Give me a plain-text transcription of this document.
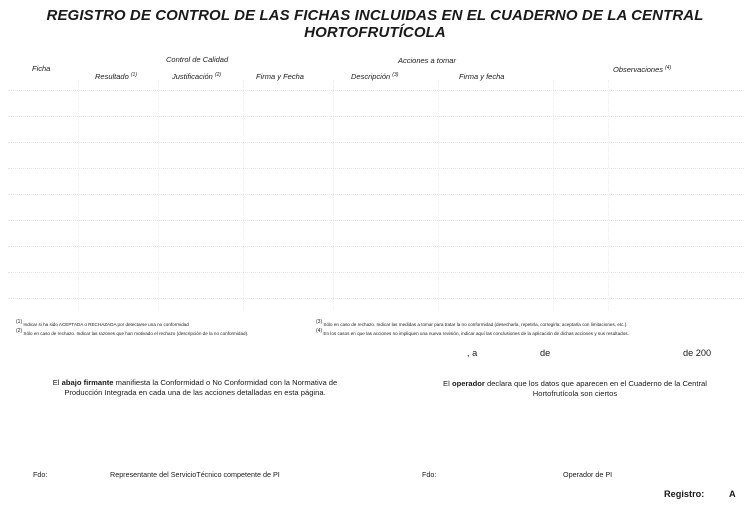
REGISTRO DE CONTROL DE LAS FICHAS INCLUIDAS EN EL CUADERNO DE LA CENTRAL
HORTOFRUTÍCOLA
Ficha
Control de Calidad	Acciones a tomar
Resultado $^{(1)}$	Justificación $^{(2)}$	Firma y Fecha	Descripción $^{(3)}$	Firma y fecha
Observaciones $^{(4)}$
$^{(1)}$ Indicar si ha sido ACEPTADA o RECHAZADA por detectarse una no conformidad
$^{(2)}$ Sólo en caso de rechazo. Indicar las razones que han motivado el rechazo (descripción de la no conformidad).
$^{(3)}$ Sólo en caso de rechazo. Indicar las medidas a tomar para tratar la no conformidad (desecharla, repetirla, corregirla; aceptarla con limitaciones, etc.).
$^{(4)}$ En los casos en que las acciones no impliquen una nueva revisión, indicar aquí las conclusiones de la aplicación de dichas acciones y sus resultados.
, a	de	de 200
El abajo firmante manifiesta la Conformidad o No Conformidad con la Normativa de
Producción Integrada en cada una de las acciones detalladas en esta página.
El operador declara que los datos que aparecen en el Cuaderno de la Central
Hortofrutícola son ciertos
Fdo:	Representante del ServicioTécnico competente de PI	Fdo:	Operador de PI
Registro:	A
